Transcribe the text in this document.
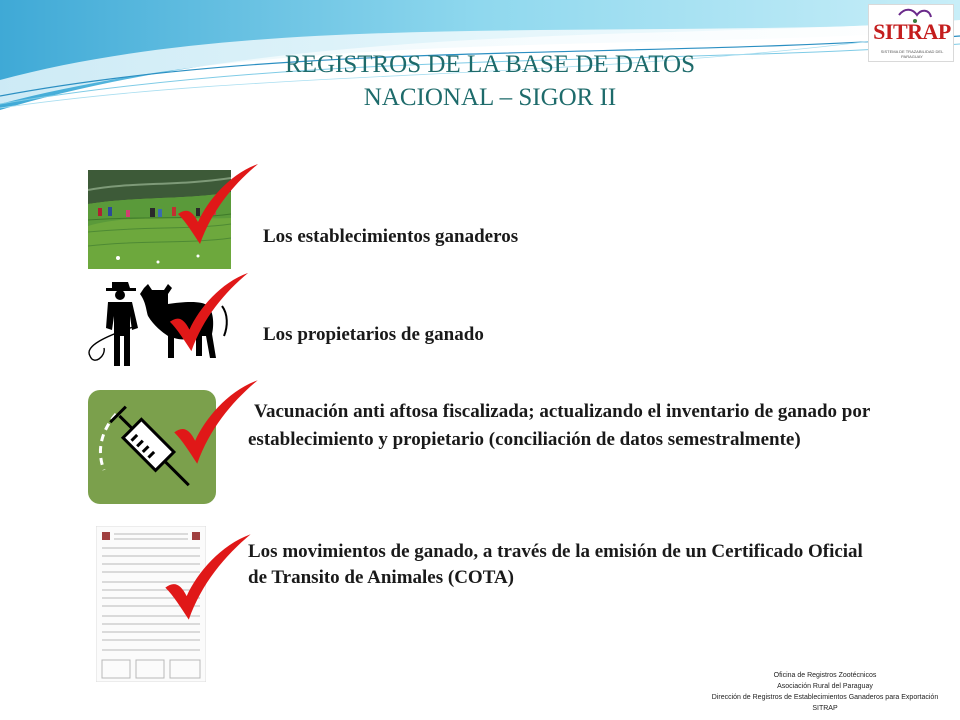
SITRAP
SISTEMA DE TRAZABILIDAD DEL PARAGUAY
REGISTROS DE LA BASE DE DATOS
NACIONAL – SIGOR II

Los establecimientos ganaderos

Los propietarios de ganado

Vacunación anti aftosa fiscalizada; actualizando el inventario de ganado por establecimiento y propietario (conciliación de datos semestralmente)

Los movimientos de ganado, a través de la emisión de un Certificado Oficial de Transito de Animales (COTA)

Oficina de Registros Zootécnicos
Asociación Rural del Paraguay
Dirección de Registros de Establecimientos Ganaderos para Exportación
SITRAP
